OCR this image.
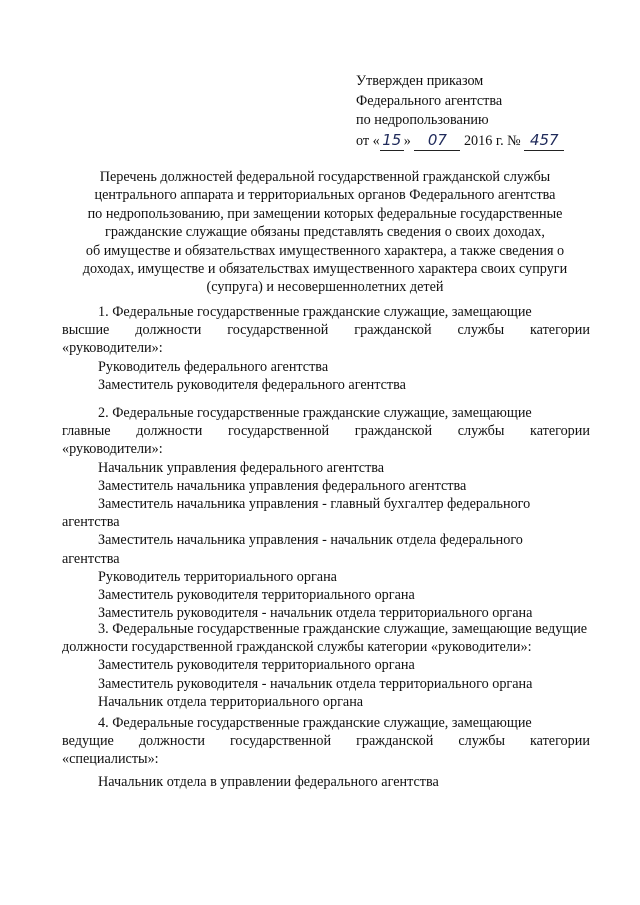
Утвержден приказом
Федерального агентства
по недропользованию
от « 15 » 07 2016 г. № 457
Перечень должностей федеральной государственной гражданской службы
центрального аппарата и территориальных органов Федерального агентства
по недропользованию, при замещении которых федеральные государственные
гражданские служащие обязаны представлять сведения о своих доходах,
об имуществе и обязательствах имущественного характера, а также сведения о
доходах, имуществе и обязательствах имущественного характера своих супруги
(супруга) и несовершеннолетних детей
1. Федеральные государственные гражданские служащие, замещающие
высшие должности государственной гражданской службы категории
«руководители»:
Руководитель федерального агентства
Заместитель руководителя федерального агентства
2. Федеральные государственные гражданские служащие, замещающие
главные должности государственной гражданской службы категории
«руководители»:
Начальник управления федерального агентства
Заместитель начальника управления федерального агентства
Заместитель начальника управления - главный бухгалтер федерального
агентства
Заместитель начальника управления - начальник отдела федерального
агентства
Руководитель территориального органа
Заместитель руководителя территориального органа
Заместитель руководителя - начальник отдела территориального органа
3. Федеральные государственные гражданские служащие, замещающие ведущие
должности государственной гражданской службы категории «руководители»:
Заместитель руководителя территориального органа
Заместитель руководителя - начальник отдела территориального органа
Начальник отдела территориального органа
4. Федеральные государственные гражданские служащие, замещающие
ведущие должности государственной гражданской службы категории
«специалисты»:
Начальник отдела в управлении федерального агентства
